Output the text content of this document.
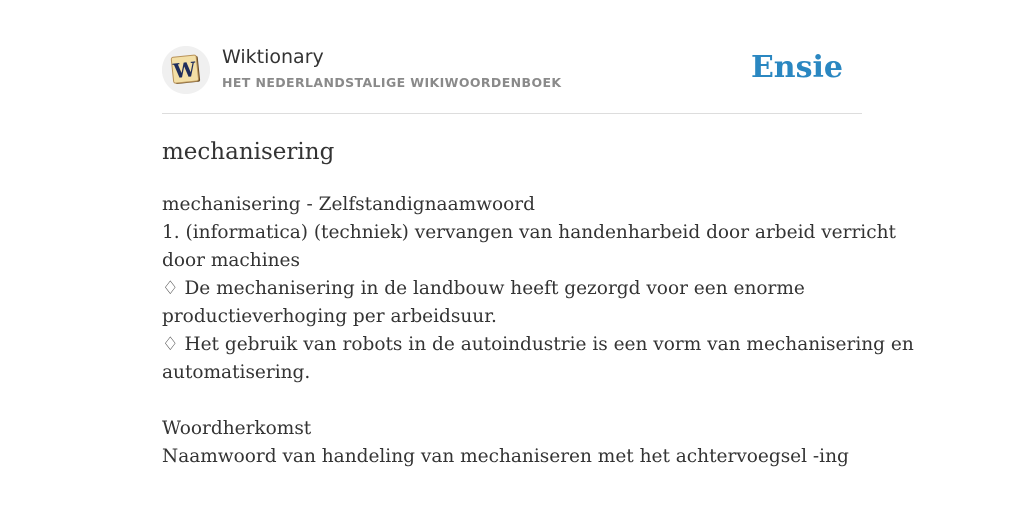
W
Wiktionary
HET NEDERLANDSTALIGE WIKIWOORDENBOEK	Ensie
mechanisering
mechanisering - Zelfstandignaamwoord
1. (informatica) (techniek) vervangen van handenharbeid door arbeid verricht
door machines
♢ De mechanisering in de landbouw heeft gezorgd voor een enorme
productieverhoging per arbeidsuur.
♢ Het gebruik van robots in de autoindustrie is een vorm van mechanisering en
automatisering.
Woordherkomst
Naamwoord van handeling van mechaniseren met het achtervoegsel -ing
